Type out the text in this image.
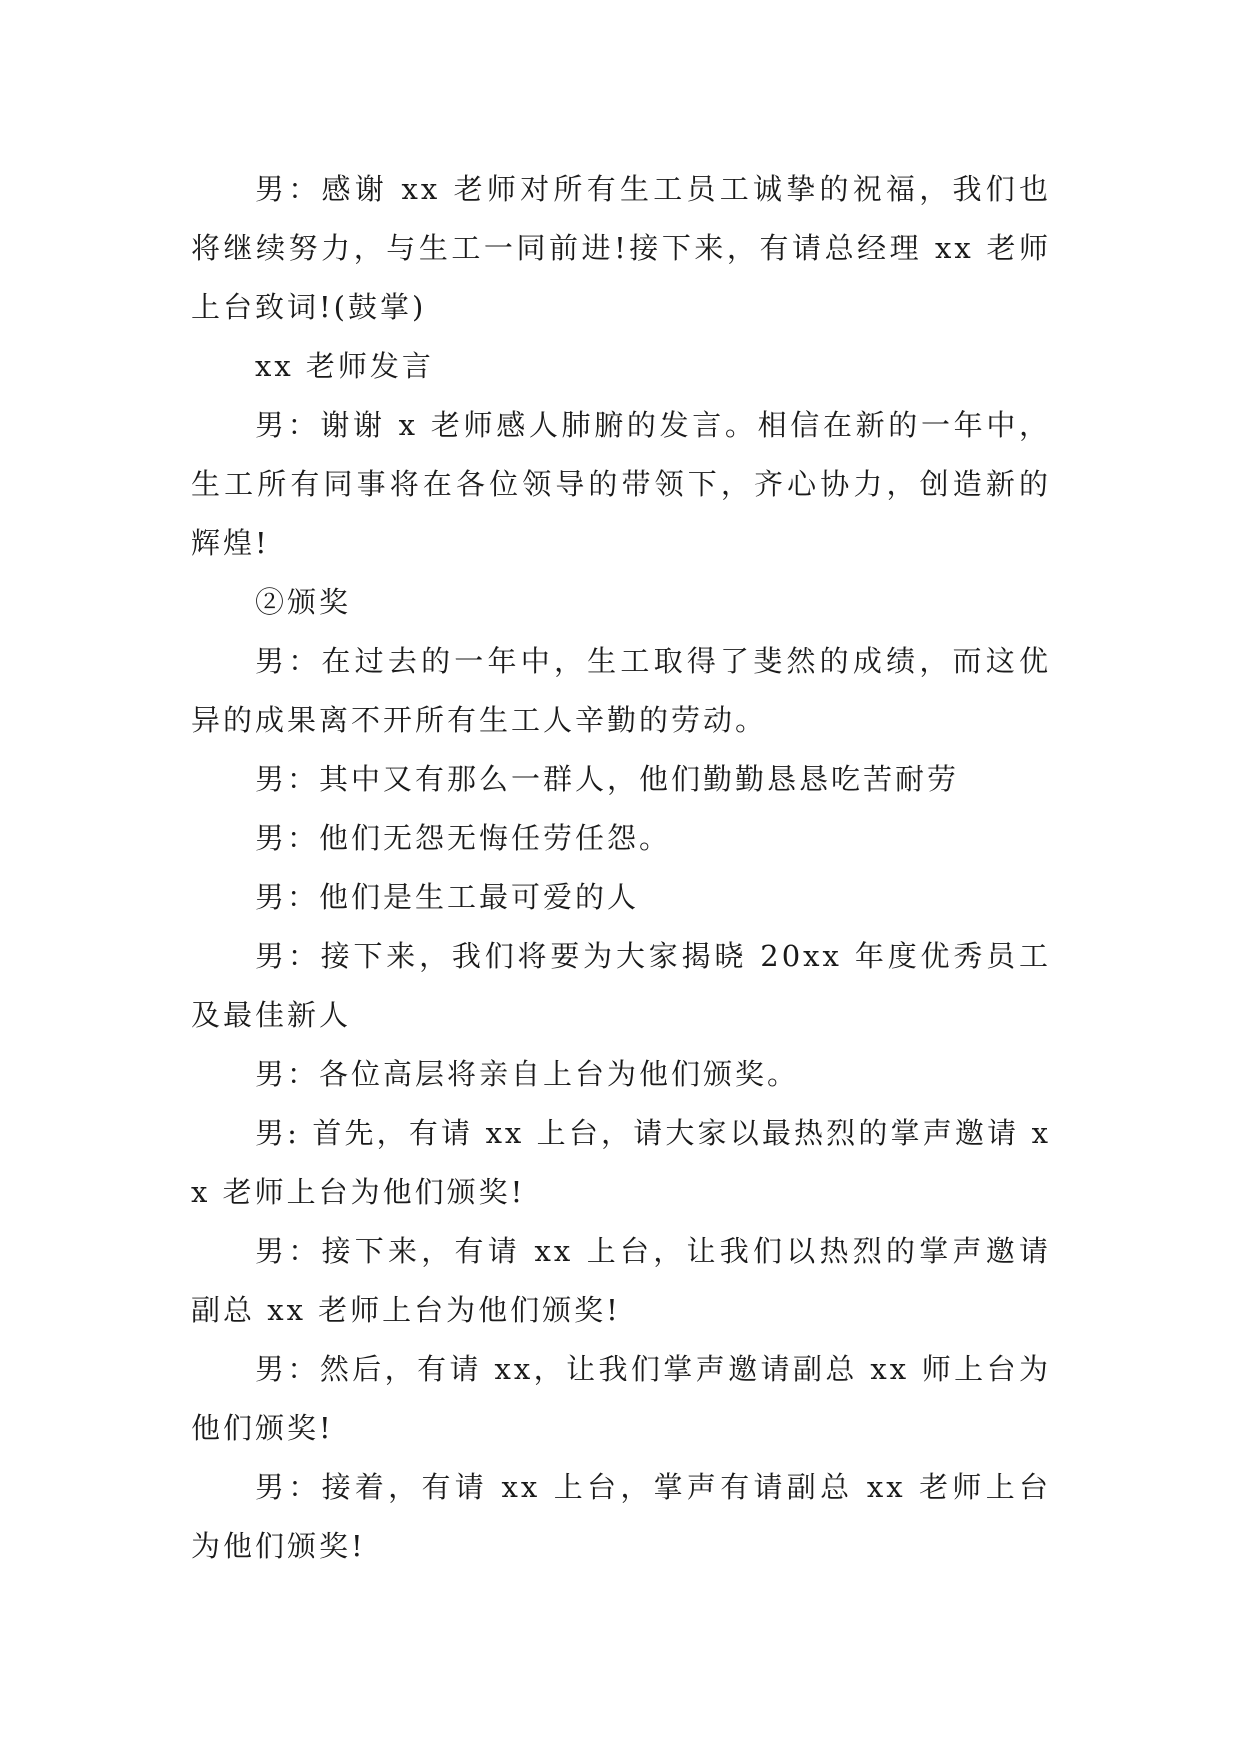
男：感谢 xx 老师对所有生工员工诚挚的祝福，我们也将继续努力，与生工一同前进!接下来，有请总经理 xx 老师上台致词!(鼓掌)

xx 老师发言

男：谢谢 x 老师感人肺腑的发言。相信在新的一年中，生工所有同事将在各位领导的带领下，齐心协力，创造新的辉煌!

②颁奖

男：在过去的一年中，生工取得了斐然的成绩，而这优异的成果离不开所有生工人辛勤的劳动。

男：其中又有那么一群人，他们勤勤恳恳吃苦耐劳

男：他们无怨无悔任劳任怨。

男：他们是生工最可爱的人

男：接下来，我们将要为大家揭晓 20xx 年度优秀员工及最佳新人

男：各位高层将亲自上台为他们颁奖。

男: 首先，有请 xx 上台，请大家以最热烈的掌声邀请 xx 老师上台为他们颁奖!

男：接下来，有请 xx 上台，让我们以热烈的掌声邀请副总 xx 老师上台为他们颁奖!

男：然后，有请 xx，让我们掌声邀请副总 xx 师上台为他们颁奖!

男：接着，有请 xx 上台，掌声有请副总 xx 老师上台为他们颁奖!
